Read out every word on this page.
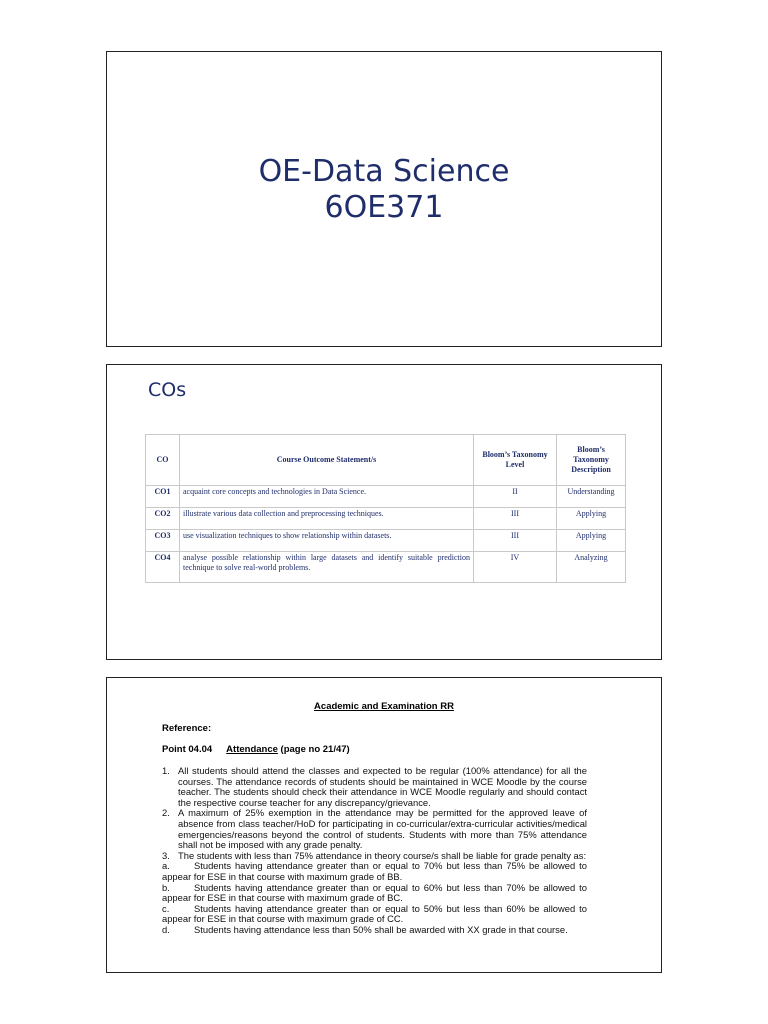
OE-Data Science
6OE371
COs
CO	Course Outcome Statement/s	Bloom’s Taxonomy Level	Bloom’s Taxonomy Description
CO1	acquaint core concepts and technologies in Data Science.	II	Understanding
CO2	illustrate various data collection and preprocessing techniques.	III	Applying
CO3	use visualization techniques to show relationship within datasets.	III	Applying
CO4	analyse possible relationship within large datasets and identify suitable prediction technique to solve real-world problems.	IV	Analyzing
Academic and Examination RR
Reference:
Point 04.04 Attendance (page no 21/47)
1. All students should attend the classes and expected to be regular (100% attendance) for all the courses. The attendance records of students should be maintained in WCE Moodle by the course teacher. The students should check their attendance in WCE Moodle regularly and should contact the respective course teacher for any discrepancy/grievance.
2. A maximum of 25% exemption in the attendance may be permitted for the approved leave of absence from class teacher/HoD for participating in co-curricular/extra-curricular activities/medical emergencies/reasons beyond the control of students. Students with more than 75% attendance shall not be imposed with any grade penalty.
3. The students with less than 75% attendance in theory course/s shall be liable for grade penalty as:
a.	Students having attendance greater than or equal to 70% but less than 75% be allowed to appear for ESE in that course with maximum grade of BB.
b.	Students having attendance greater than or equal to 60% but less than 70% be allowed to appear for ESE in that course with maximum grade of BC.
c.	Students having attendance greater than or equal to 50% but less than 60% be allowed to appear for ESE in that course with maximum grade of CC.
d.	Students having attendance less than 50% shall be awarded with XX grade in that course.
